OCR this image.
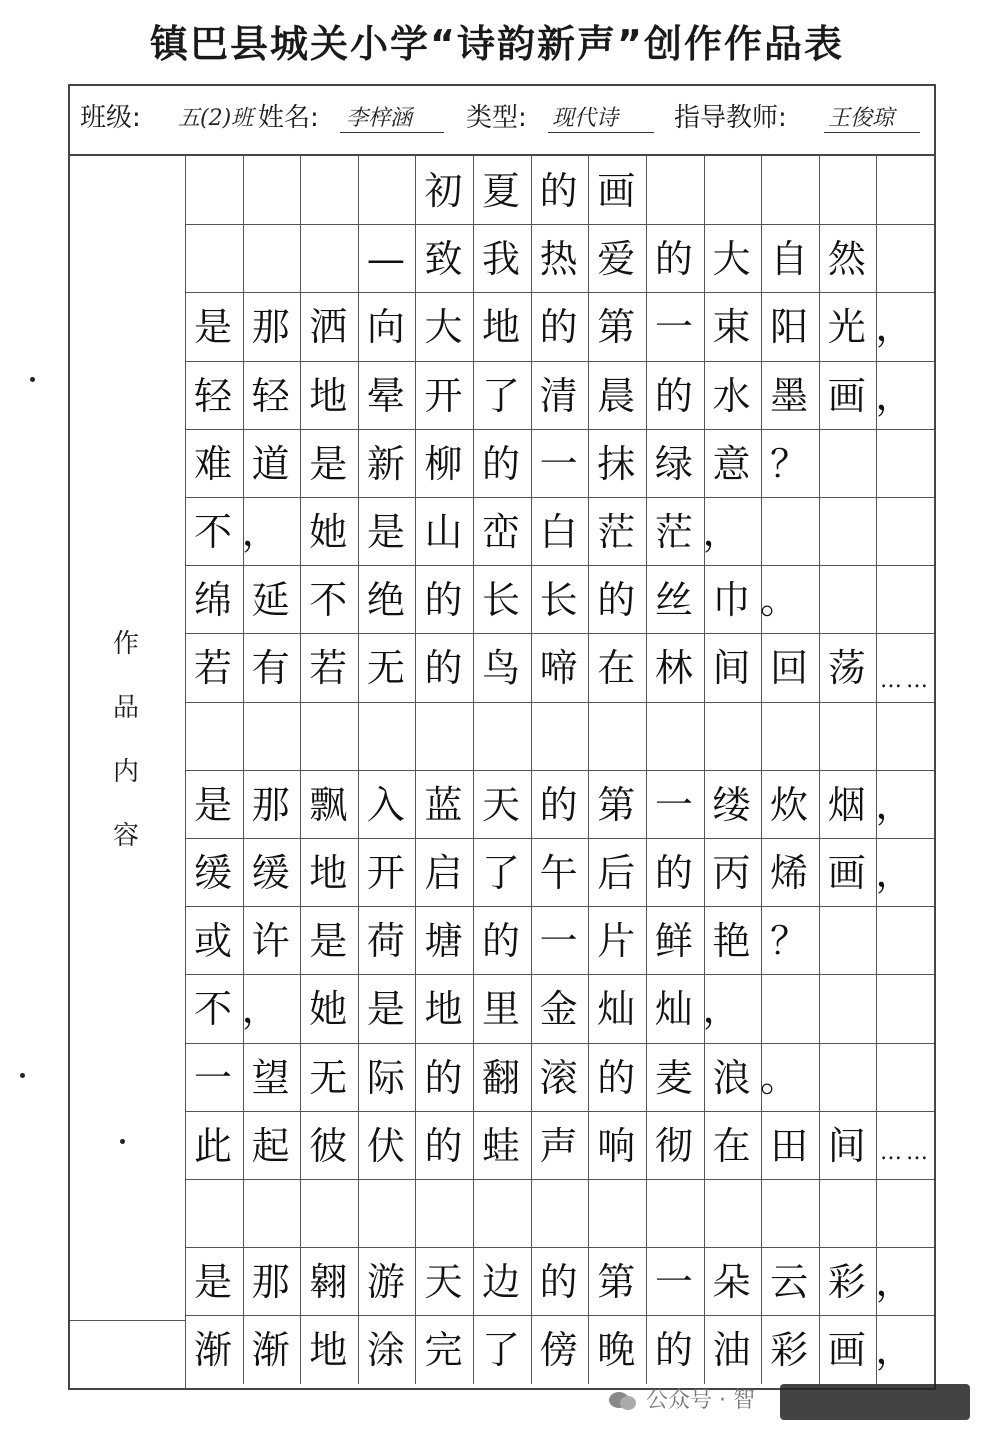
镇巴县城关小学“诗韵新声”创作作品表
班级: 五(2)班 姓名: 李梓涵 类型: 现代诗 指导教师: 王俊琼
作
品
内
容
初 夏 的 画
— 致 我 热 爱 的 大 自 然
是 那 洒 向 大 地 的 第 一 束 阳 光 ，
轻 轻 地 晕 开 了 清 晨 的 水 墨 画 ，
难 道 是 新 柳 的 一 抹 绿 意 ？
不 ， 她 是 山 峦 白 茫 茫 ，
绵 延 不 绝 的 长 长 的 丝 巾 。
若 有 若 无 的 鸟 啼 在 林 间 回 荡
是 那 飘 入 蓝 天 的 第 一 缕 炊 烟 ，
缓 缓 地 开 启 了 午 后 的 丙 烯 画 ，
或 许 是 荷 塘 的 一 片 鲜 艳 ？
不 ， 她 是 地 里 金 灿 灿 ，
一 望 无 际 的 翻 滚 的 麦 浪 。
此 起 彼 伏 的 蛙 声 响 彻 在 田 间
是 那 翱 游 天 边 的 第 一 朵 云 彩 ，
渐 渐 地 涂 完 了 傍 晚 的 油 彩 画 ，
……
……
公众号 · 智
